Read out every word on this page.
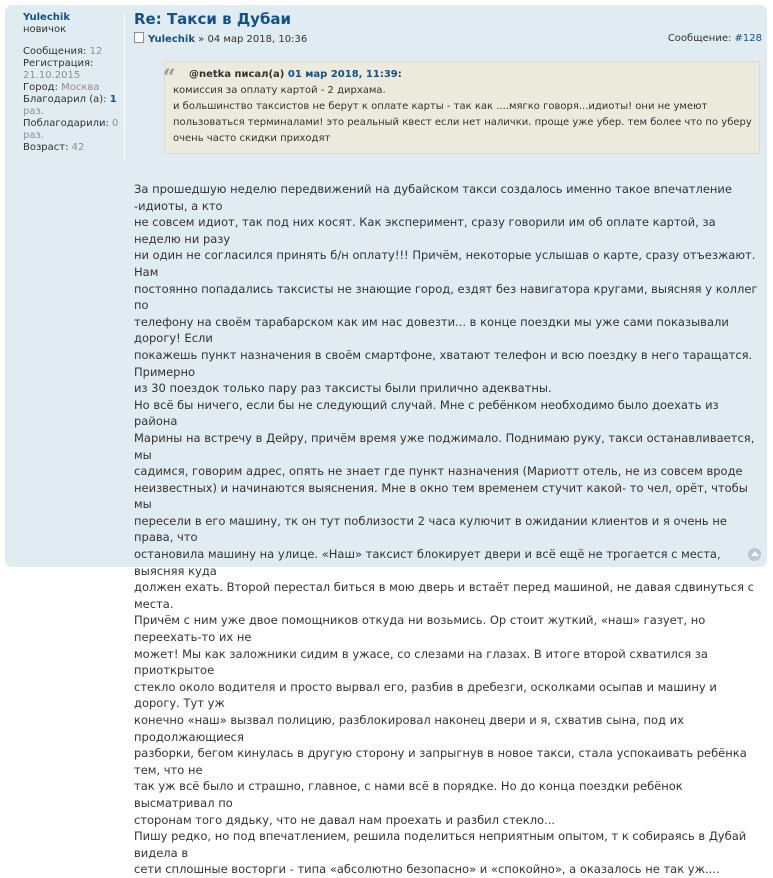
Yulechik
новичок
Сообщения: 12
Регистрация:
21.10.2015
Город: Москва
Благодарил (а): 1
раз.
Поблагодарили: 0
раз.
Возраст: 42
Re: Такси в Дубаи
Yulechik » 04 мар 2018, 10:36	Сообщение: #128
“	@netka писал(а) 01 мар 2018, 11:39:
комиссия за оплату картой - 2 дирхама.
и большинство таксистов не берут к оплате карты - так как ....мягко говоря...идиоты! они не умеют
пользоваться терминалами! это реальный квест если нет налички. проще уже убер. тем более что по уберу
очень часто скидки приходят

За прошедшую неделю передвижений на дубайском такси создалось именно такое впечатление -идиоты, а кто

не совсем идиот, так под них косят. Как эксперимент, сразу говорили им об оплате картой, за неделю ни разу

ни один не согласился принять б/н оплату!!! Причём, некоторые услышав о карте, сразу отъезжают. Нам

постоянно попадались таксисты не знающие город, ездят без навигатора кругами, выясняя у коллег по

телефону на своём тарабарском как им нас довезти... в конце поездки мы уже сами показывали дорогу! Если

покажешь пункт назначения в своём смартфоне, хватают телефон и всю поездку в него таращатся. Примерно

из 30 поездок только пару раз таксисты были прилично адекватны.

Но всё бы ничего, если бы не следующий случай. Мне с ребёнком необходимо было доехать из района

Марины на встречу в Дейру, причём время уже поджимало. Поднимаю руку, такси останавливается, мы

садимся, говорим адрес, опять не знает где пункт назначения (Мариотт отель, не из совсем вроде

неизвестных) и начинаются выяснения. Мне в окно тем временем стучит какой- то чел, орёт, чтобы мы

пересели в его машину, тк он тут поблизости 2 часа кулючит в ожидании клиентов и я очень не права, что

остановила машину на улице. «Наш» таксист блокирует двери и всё ещё не трогается с места, выясняя куда

должен ехать. Второй перестал биться в мою дверь и встаёт перед машиной, не давая сдвинуться с места.

Причём с ним уже двое помощников откуда ни возьмись. Ор стоит жуткий, «наш» газует, но переехать-то их не

может! Мы как заложники сидим в ужасе, со слезами на глазах. В итоге второй схватился за приоткрытое

стекло около водителя и просто вырвал его, разбив в дребезги, осколками осыпав и машину и дорогу. Тут уж

конечно «наш» вызвал полицию, разблокировал наконец двери и я, схватив сына, под их продолжающиеся

разборки, бегом кинулась в другую сторону и запрыгнув в новое такси, стала успокаивать ребёнка тем, что не

так уж всё было и страшно, главное, с нами всё в порядке. Но до конца поездки ребёнок высматривал по

сторонам того дядьку, что не давал нам проехать и разбил стекло...

Пишу редко, но под впечатлением, решила поделиться неприятным опытом, т к собираясь в Дубай видела в

сети сплошные восторги - типа «абсолютно безопасно» и «спокойно», а оказалось не так уж....
